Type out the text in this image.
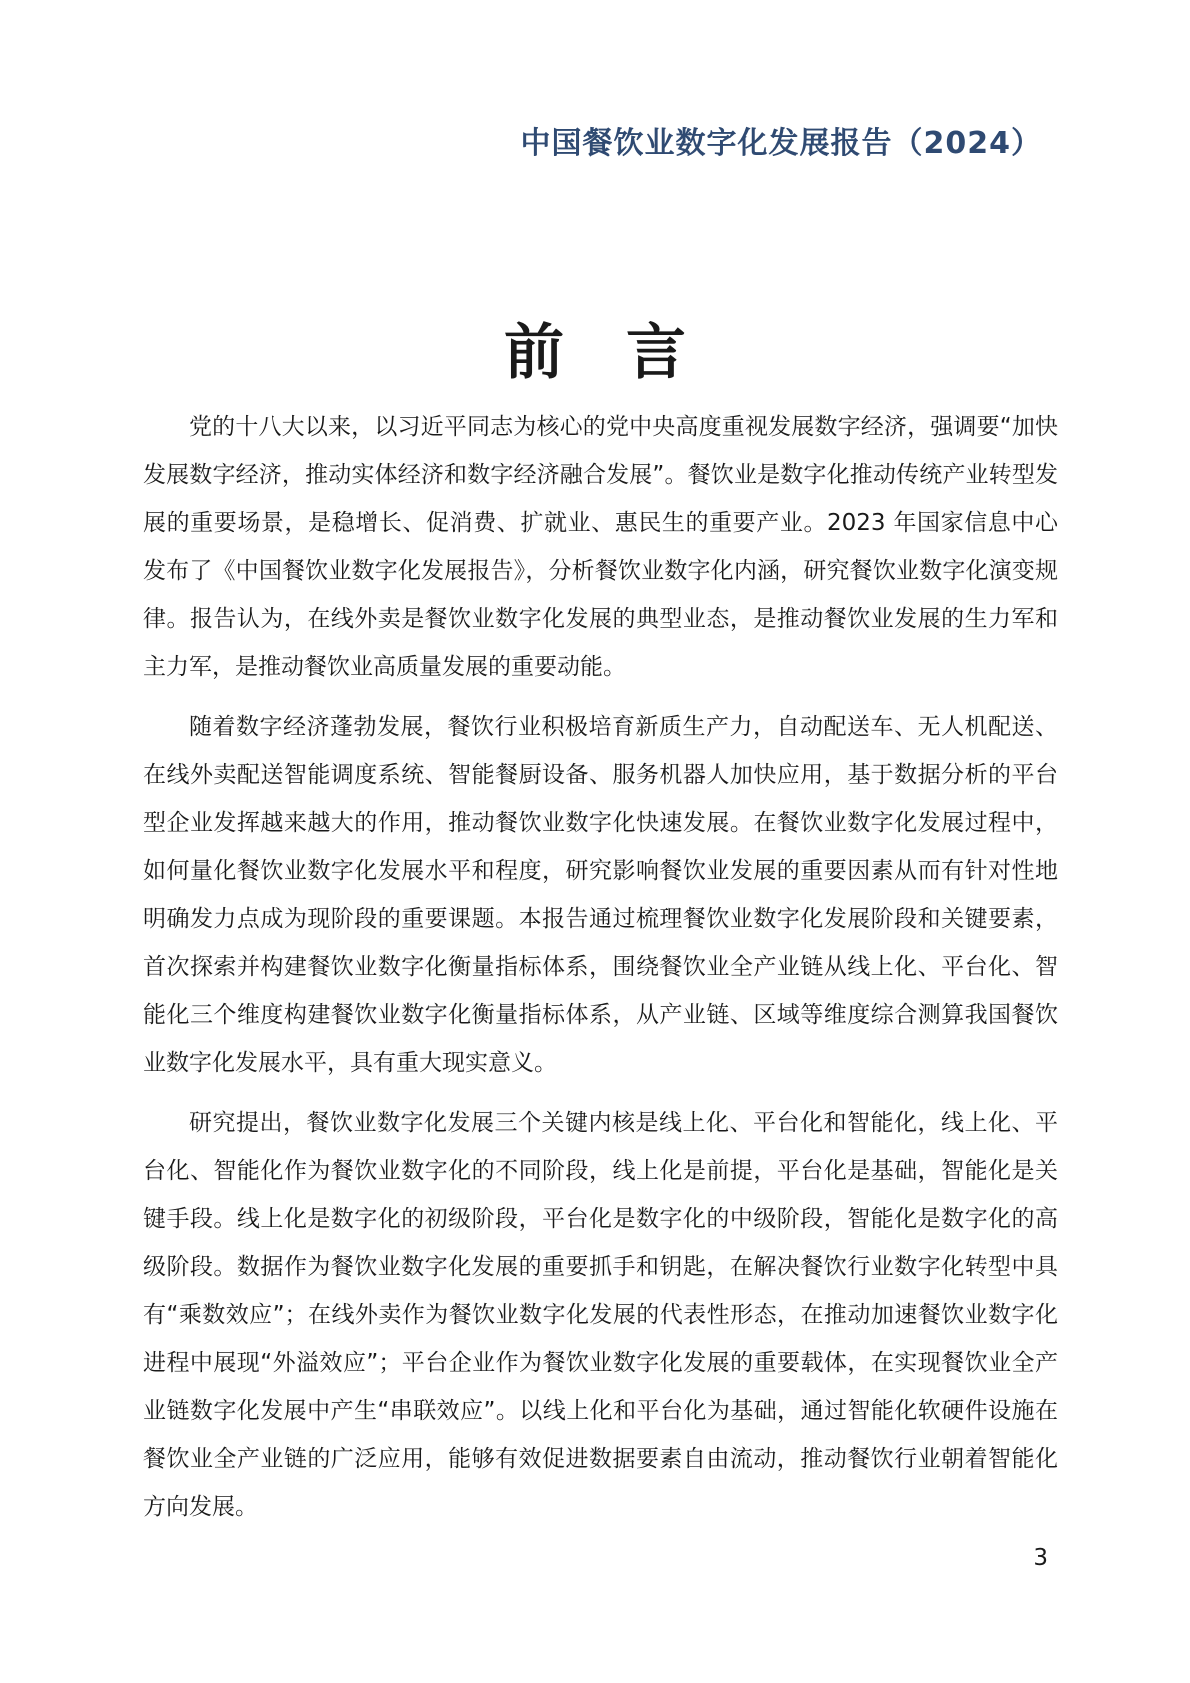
中国餐饮业数字化发展报告（2024）
前言

党的十八大以来，以习近平同志为核心的党中央高度重视发展数字经济，强调要“加快发展数字经济，推动实体经济和数字经济融合发展”。餐饮业是数字化推动传统产业转型发展的重要场景，是稳增长、促消费、扩就业、惠民生的重要产业。2023 年国家信息中心发布了《中国餐饮业数字化发展报告》，分析餐饮业数字化内涵，研究餐饮业数字化演变规律。报告认为，在线外卖是餐饮业数字化发展的典型业态，是推动餐饮业发展的生力军和主力军，是推动餐饮业高质量发展的重要动能。

随着数字经济蓬勃发展，餐饮行业积极培育新质生产力，自动配送车、无人机配送、在线外卖配送智能调度系统、智能餐厨设备、服务机器人加快应用，基于数据分析的平台型企业发挥越来越大的作用，推动餐饮业数字化快速发展。在餐饮业数字化发展过程中，如何量化餐饮业数字化发展水平和程度，研究影响餐饮业发展的重要因素从而有针对性地明确发力点成为现阶段的重要课题。本报告通过梳理餐饮业数字化发展阶段和关键要素，首次探索并构建餐饮业数字化衡量指标体系，围绕餐饮业全产业链从线上化、平台化、智能化三个维度构建餐饮业数字化衡量指标体系，从产业链、区域等维度综合测算我国餐饮业数字化发展水平，具有重大现实意义。

研究提出，餐饮业数字化发展三个关键内核是线上化、平台化和智能化，线上化、平台化、智能化作为餐饮业数字化的不同阶段，线上化是前提，平台化是基础，智能化是关键手段。线上化是数字化的初级阶段，平台化是数字化的中级阶段，智能化是数字化的高级阶段。数据作为餐饮业数字化发展的重要抓手和钥匙，在解决餐饮行业数字化转型中具有“乘数效应”；在线外卖作为餐饮业数字化发展的代表性形态，在推动加速餐饮业数字化进程中展现“外溢效应”；平台企业作为餐饮业数字化发展的重要载体，在实现餐饮业全产业链数字化发展中产生“串联效应”。以线上化和平台化为基础，通过智能化软硬件设施在餐饮业全产业链的广泛应用，能够有效促进数据要素自由流动，推动餐饮行业朝着智能化方向发展。

3
